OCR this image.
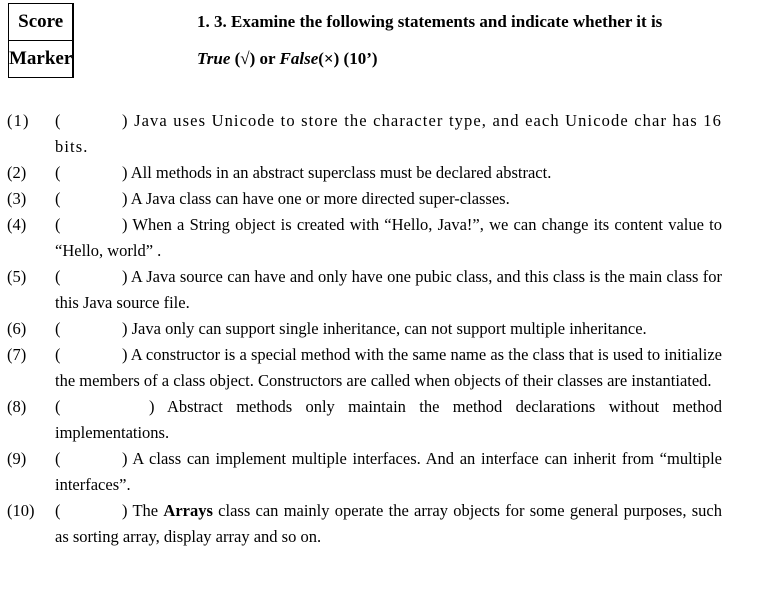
Score	
Marker	
1. 3. Examine the following statements and indicate whether it is
True (√) or False(×) (10’)
(1) (	) Java uses Unicode to store the character type, and each Unicode char has 16 bits.
(2) (	) All methods in an abstract superclass must be declared abstract.
(3) (	) A Java class can have one or more directed super-classes.
(4) (	) When a String object is created with “Hello, Java!”, we can change its content value to “Hello, world” .
(5) (	) A Java source can have and only have one pubic class, and this class is the main class for this Java source file.
(6) (	) Java only can support single inheritance, can not support multiple inheritance.
(7) (	) A constructor is a special method with the same name as the class that is used to initialize the members of a class object. Constructors are called when objects of their classes are instantiated.
(8) (	) Abstract methods only maintain the method declarations without method implementations.
(9) (	) A class can implement multiple interfaces. And an interface can inherit from “multiple interfaces”.
(10) (	) The Arrays class can mainly operate the array objects for some general purposes, such as sorting array, display array and so on.
